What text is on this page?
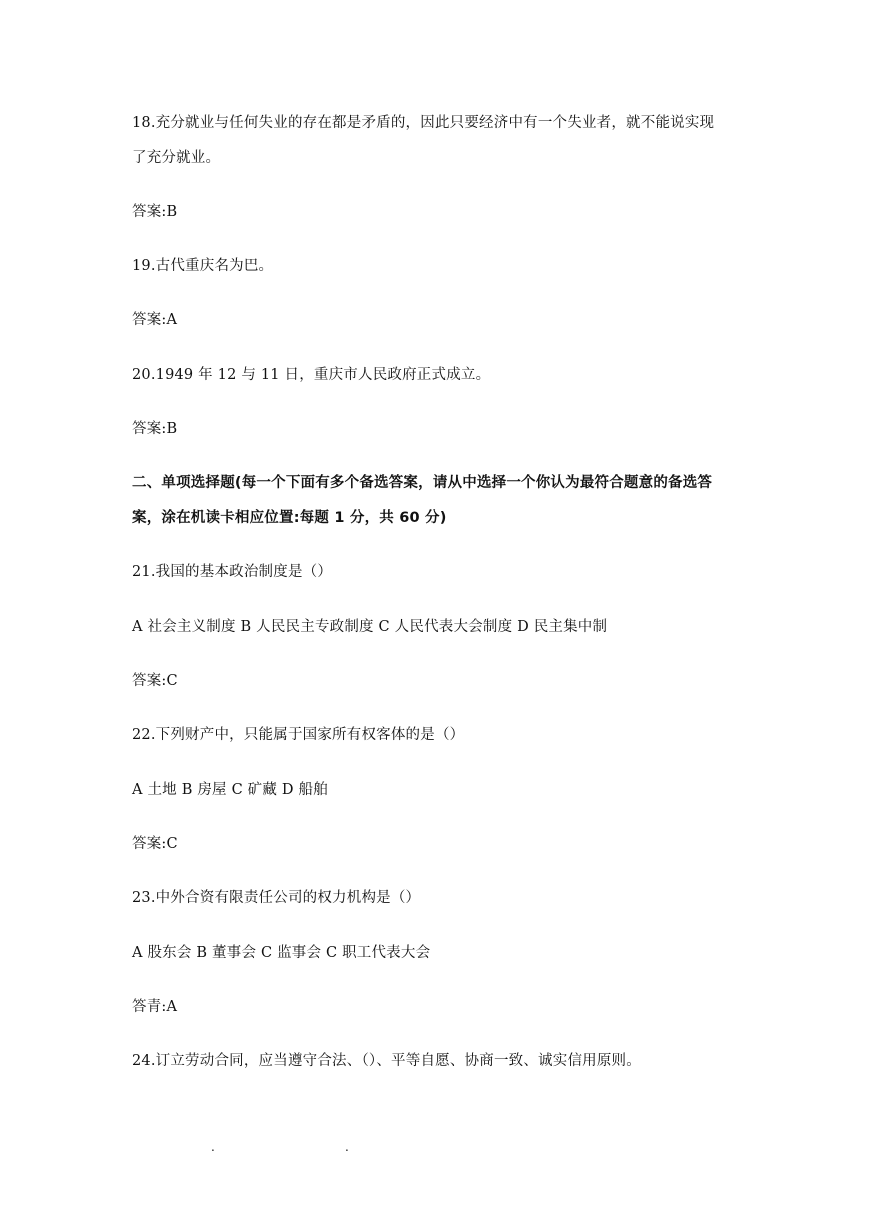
18.充分就业与任何失业的存在都是矛盾的，因此只要经济中有一个失业者，就不能说实现
了充分就业。
答案:B
19.古代重庆名为巴。
答案:A
20.1949 年 12 与 11 日，重庆市人民政府正式成立。
答案:B
二、单项选择题(每一个下面有多个备选答案，请从中选择一个你认为最符合题意的备选答
案，涂在机读卡相应位置:每题 1 分，共 60 分)
21.我国的基本政治制度是（）
A 社会主义制度 B 人民民主专政制度 C 人民代表大会制度 D 民主集中制
答案:C
22.下列财产中，只能属于国家所有权客体的是（）
A 土地 B 房屋 C 矿藏 D 船舶
答案:C
23.中外合资有限责任公司的权力机构是（）
A 股东会 B 董事会 C 监事会 C 职工代表大会
答青:A
24.订立劳动合同，应当遵守合法、（）、平等自愿、协商一致、诚实信用原则。
.	.
